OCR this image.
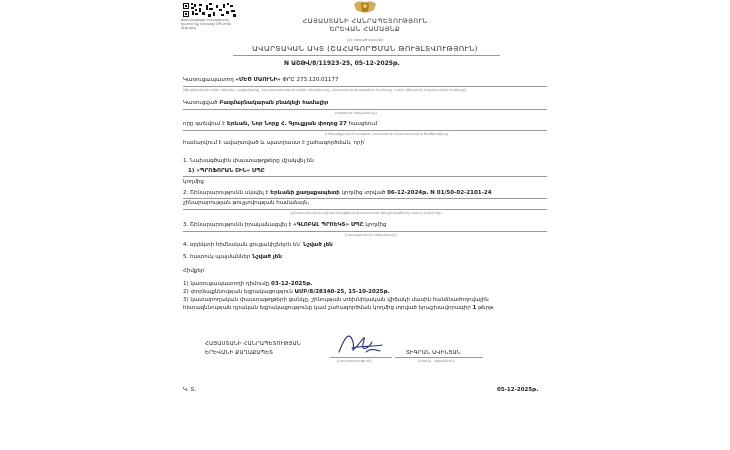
Փաստաթղթի իսկությունը կարող եք ստուգել QR կոդի միջոցով
ՀԱՅԱՍՏԱՆԻ ՀԱՆՐԱՊԵՏՈՒԹՅՈՒՆ
ԵՐԵՎԱՆ ՀԱՄԱՅՆՔ
(Հ) տրված սեղանի
ԱՎԱՐՏԱԿԱՆ ԱԿՏ (ՇԱՀԱԳՈՐԾՄԱՆ ԹՈՒՅԼՏՎՈՒԹՅՈՒՆ)
N ԱՇԹՎ/8/11923-25, 05-12-2025թ.
Կառուցապատող «ՄԵԾ ՄԱՈՒՆԻ» ՓՐԸ 273.120.01177
(ֆիզիկական անձի անունը, ազգանունը, իրավաբանական անձի անվանումը, պետական գրանցման համարը, հարկ վճարողի հաշվառման համարը)
Կառուցված Բազմաբնակարան բնակելի համալիր
(օբյեկտի անվանումը)
որը գտնվում է Երևան, Նոր Նորք Հ. Գյուլքյան փողոց 27 հասցեում
(տեղանքի կամ հասցեն, հողամասի կադաստրային ծածկագիրը)
համարվում է ավարտված և պատրաստ է շահագործման, որի՝
1. Նախագծային փաստաթղթերը մշակվել են
1) «ՊՐՈՖՈՐԱՆ ՇԻՆ» ՍՊԸ
կողմից
2. Շինարարությունն սկսվել է Երևանի քաղաքապետի կողմից տրված 06-12-2024թ. N 01/50-02-2101-24
շինարարության թույլտվության համաձայն,
(շինարարական աշխատանքների կատարման թույլտվությունը տվող մարմինը)
3. Շինարարությունն իրականացվել է «ԳԼՈԲԱԼ ՊՐՈԵԿՏ» ՍՊԸ կողմից
(կապալառուի անվանումը)
4. օբյեկտի հիմնական ցուցանիշներն են՝ Նշված չեն
5. հատուկ պայմաններ Նշված չեն
Հիմքեր՝
1) կառուցապատողի դիմումը 03-12-2025թ.
2) փորձաքննության եզրակացություն ԱՄԲ/8/28340-25, 15-10-2025թ.
3) կատարողական փաստաթղթերի ցանկը, շինության տեխնիկական վիճակի մասին հանձնաժողովային
հետազննության դրական եզրակացությունը կամ շահագործման կողմից տրված երաշխավորագիր 1 թերթ
ՀԱՅԱՍՏԱՆԻ ՀԱՆՐԱՊԵՏՈՒԹՅԱՆ
ԵՐԵՎԱՆԻ ՔԱՂԱՔԱՊԵՏ
(ստորագրություն)
ՏԻԳՐԱՆ ԱՎԻՆՅԱՆ
(անուն, ազգանուն)
Կ. Տ.	05-12-2025թ.
